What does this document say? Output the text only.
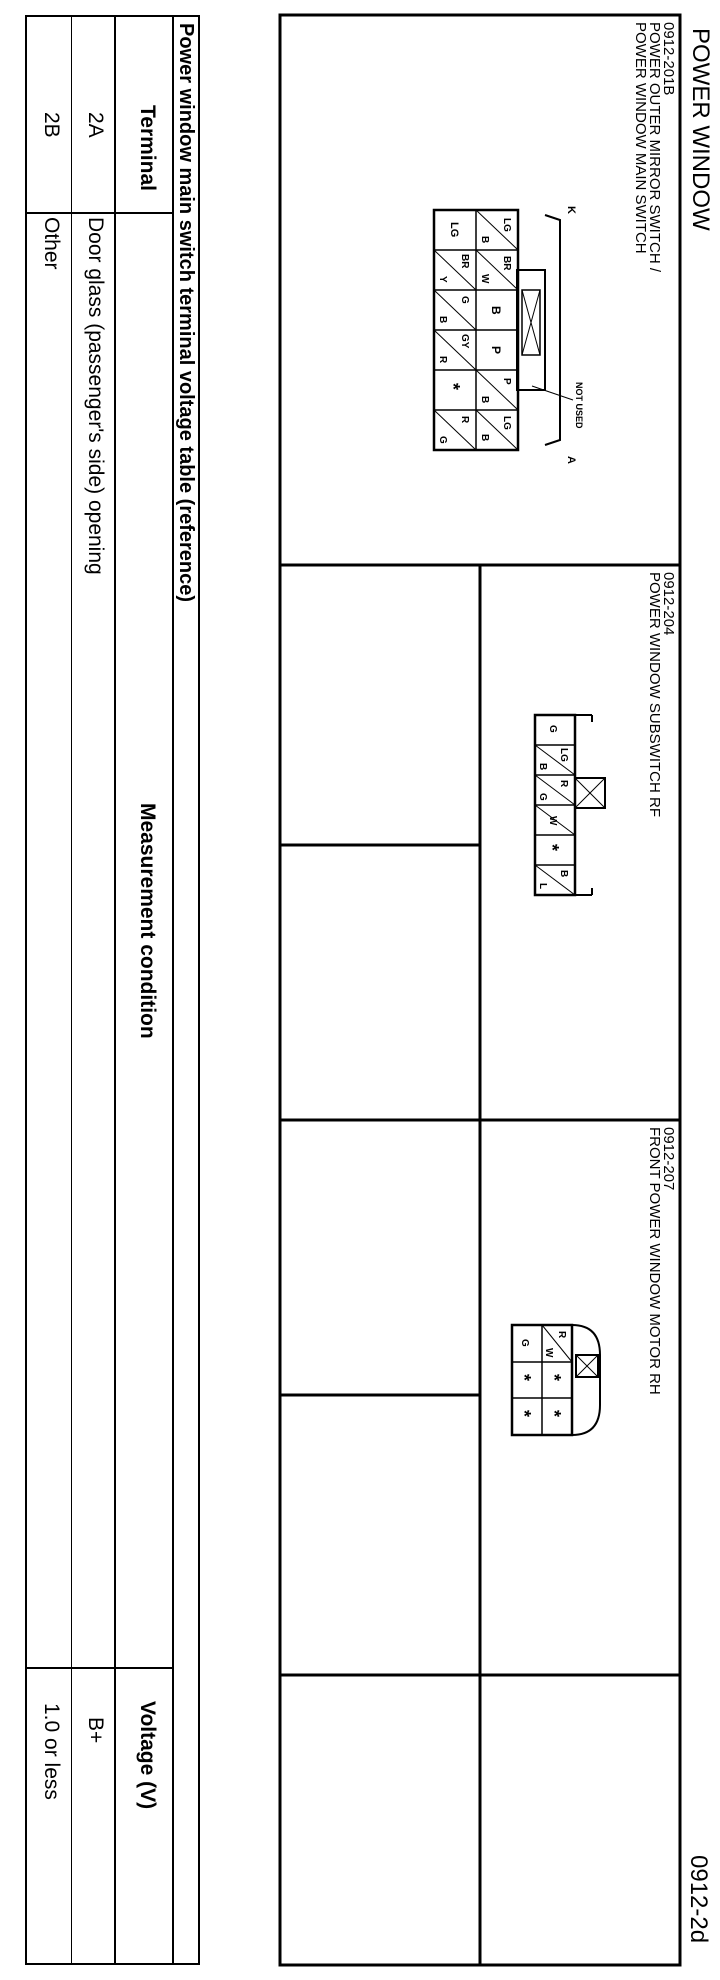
POWER WINDOW
0912-2d
0912-201B
POWER OUTER MIRROR SWITCH /
POWER WINDOW MAIN SWITCH
LG
B
BR
W
B
P
P
B
LG
B
LG
BR
Y
G
B
GY
R
*
R
G
K
A
NOT USED
0912-204
POWER WINDOW SUBSWITCH RF
G
LG
B
R
G
W
*
B
L
0912-207
FRONT POWER WINDOW MOTOR RH
R
W
*
*
G
*
*
Power window main switch terminal voltage table (reference)
Terminal
Measurement condition
Voltage (V)
2A
Door glass (passenger's side) opening
B+
2B
Other
1.0 or less
